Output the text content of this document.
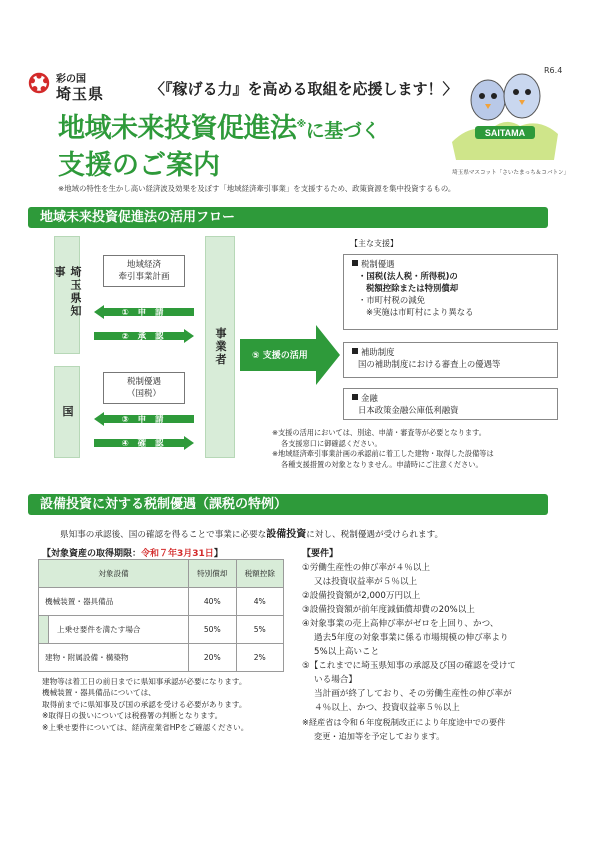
彩の国
埼玉県	〈『稼げる力』を高める取組を応援します！〉
地域未来投資促進法※に基づく
支援のご案内
※地域の特性を生かし高い経済波及効果を及ぼす「地域経済牽引事業」を支援するため、政策資源を集中投資するもの。
R6.4
SAITAMA
埼玉県マスコット「さいたまっち＆コバトン」
地域未来投資促進法の活用フロー
埼玉県知事
国
事業者
地域経済
牽引事業計画
税制優遇
（国税）
① 申 請
② 承 認
③ 申 請
④ 確 認
⑤ 支援の活用
【主な支援】
税制優遇
・国税(法人税・所得税)の
税額控除または特別償却
・市町村税の減免
※実施は市町村により異なる
補助制度
国の補助制度における審査上の優遇等
金融
日本政策金融公庫低利融資
※支援の活用においては、別途、申請・審査等が必要となります。
各支援窓口に御確認ください。
※地域経済牽引事業計画の承認前に着工した建物・取得した設備等は
各種支援措置の対象となりません。申請時にご注意ください。
設備投資に対する税制優遇（課税の特例）
県知事の承認後、国の確認を得ることで事業に必要な設備投資に対し、税制優遇が受けられます。
【対象資産の取得期限：令和７年3月31日】
対象設備		特別償却	税額控除
機械装置・器具備品		40%	4%
	上乗せ要件を満たす場合	50%	5%
建物・附属設備・構築物		20%	2%
建物等は着工日の前日までに県知事承認が必要になります。
機械装置・器具備品については、
取得前までに県知事及び国の承認を受ける必要があります。
※取得日の扱いについては税務署の判断となります。
※上乗せ要件については、経済産業省HPをご確認ください。
【要件】
①労働生産性の伸び率が４％以上
又は投資収益率が５％以上
②設備投資額が2,000万円以上
③設備投資額が前年度減価償却費の20%以上
④対象事業の売上高伸び率がゼロを上回り、かつ、
過去5年度の対象事業に係る市場規模の伸び率より
5%以上高いこと
⑤【これまでに埼玉県知事の承認及び国の確認を受けて
いる場合】
当計画が終了しており、その労働生産性の伸び率が
４％以上、かつ、投資収益率５％以上
※経産省は令和６年度税制改正により年度途中での要件
変更・追加等を予定しております。
